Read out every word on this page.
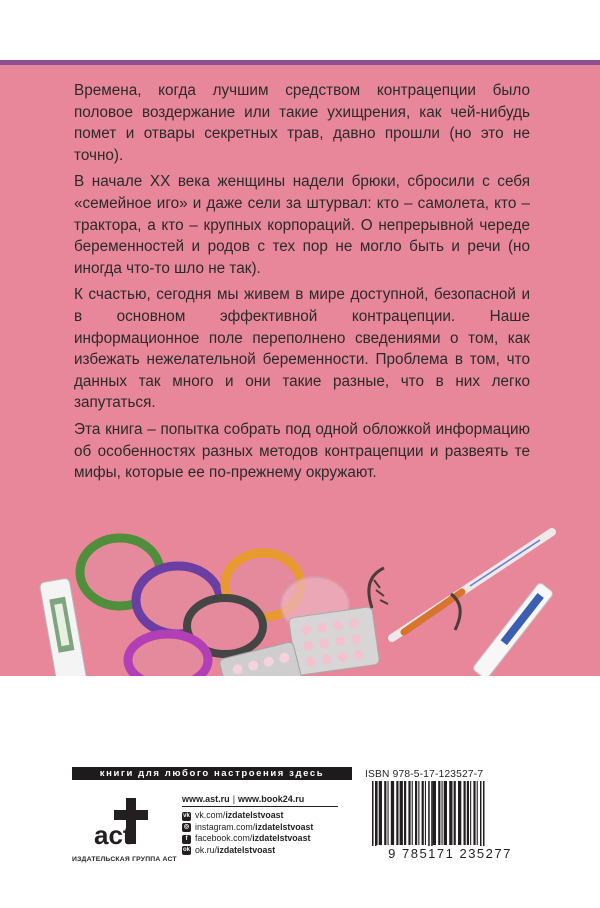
Времена, когда лучшим средством контрацепции было половое воздержание или такие ухищрения, как чей-нибудь помет и отвары секретных трав, давно прошли (но это не точно).

В начале XX века женщины надели брюки, сбросили с себя «семейное иго» и даже сели за штурвал: кто – самолета, кто – трактора, а кто – крупных корпораций. О непрерывной череде беременностей и родов с тех пор не могло быть и речи (но иногда что-то шло не так).

К счастью, сегодня мы живем в мире доступной, безопасной и в основном эффективной контрацепции. Наше информационное поле переполнено сведениями о том, как избежать нежелательной беременности. Проблема в том, что данных так много и они такие разные, что в них легко запутаться.

Эта книга – попытка собрать под одной обложкой информацию об особенностях разных методов контрацепции и развеять те мифы, которые ее по-прежнему окружают.

книги для любого настроения здесь
act
ИЗДАТЕЛЬСКАЯ ГРУППА АСТ
www.ast.ru | www.book24.ru
vk vk.com/izdatelstvoast
◎ instagram.com/izdatelstvoast
f facebook.com/izdatelstvoast
ok ok.ru/izdatelstvoast
ISBN 978-5-17-123527-7
9 785171 235277
